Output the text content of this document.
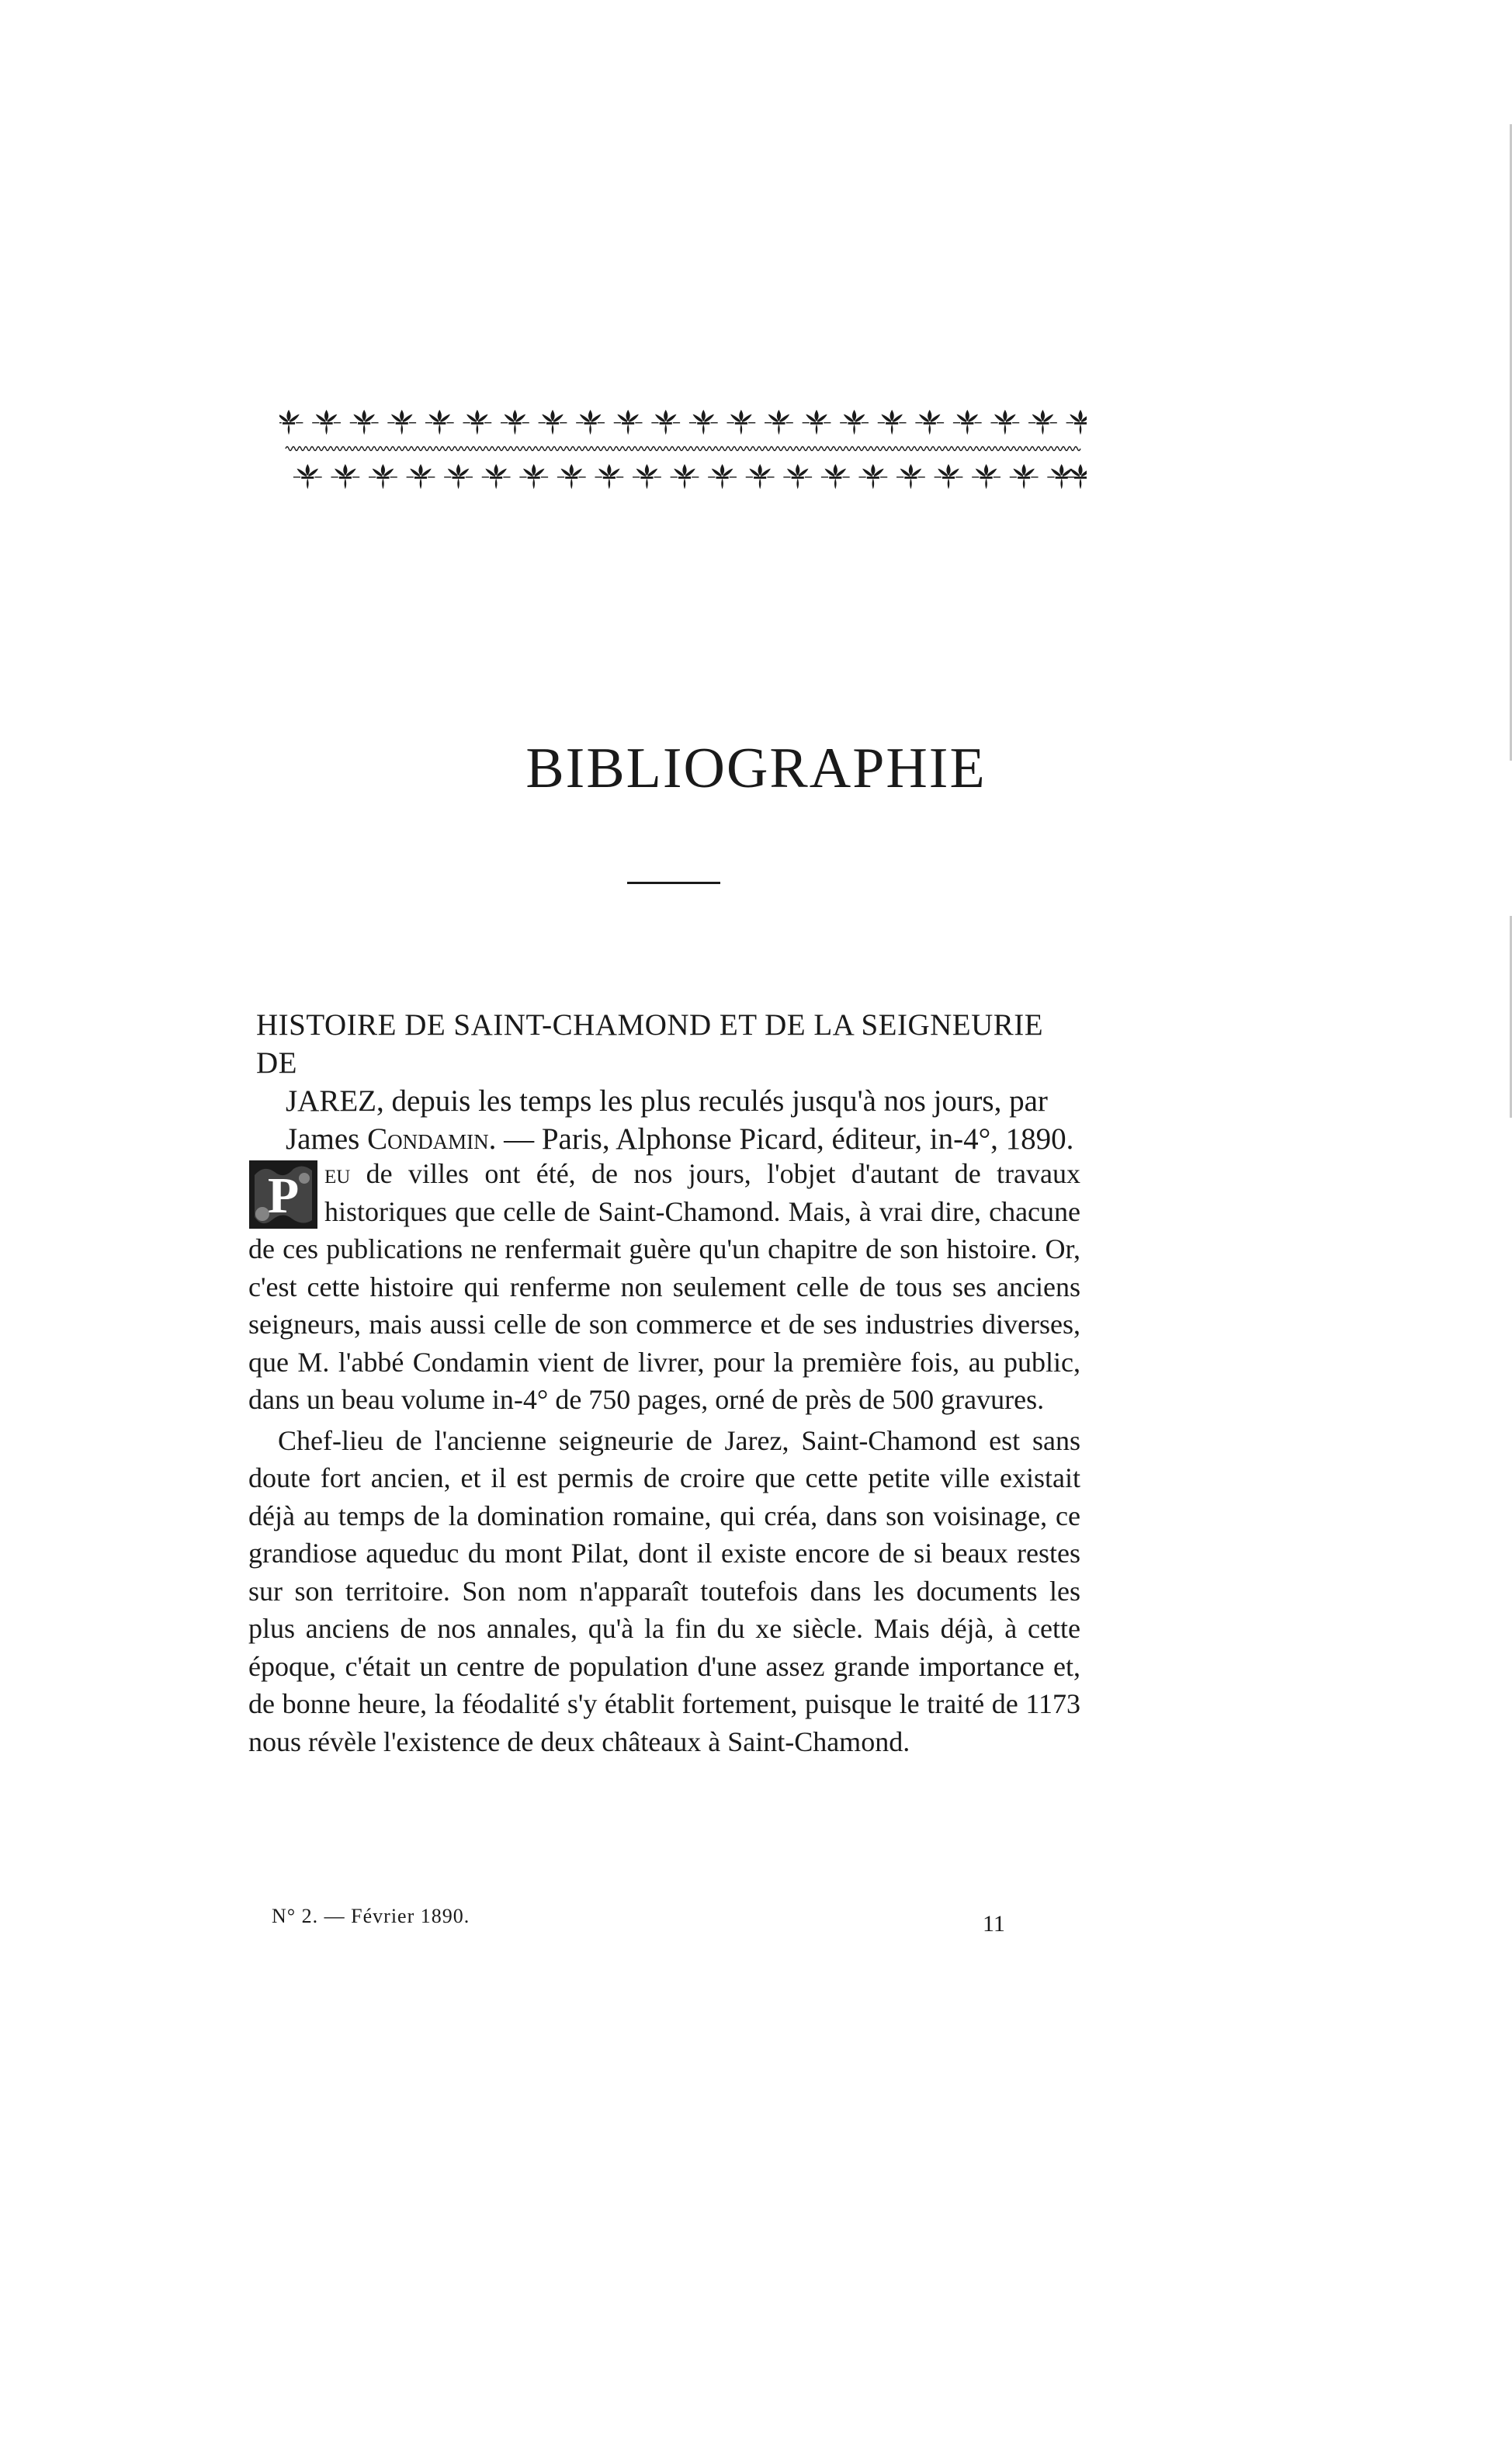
BIBLIOGRAPHIE
HISTOIRE DE SAINT-CHAMOND ET DE LA SEIGNEURIE DE
JAREZ, depuis les temps les plus reculés jusqu'à nos jours, par
James Condamin. — Paris, Alphonse Picard, éditeur, in-4°, 1890.

P eu de villes ont été, de nos jours, l'objet d'autant de travaux historiques que celle de Saint-Chamond. Mais, à vrai dire, chacune de ces publications ne renfermait guère qu'un chapitre de son histoire. Or, c'est cette histoire qui renferme non seulement celle de tous ses anciens seigneurs, mais aussi celle de son commerce et de ses industries diverses, que M. l'abbé Condamin vient de livrer, pour la première fois, au public, dans un beau volume in-4° de 750 pages, orné de près de 500 gravures.

Chef-lieu de l'ancienne seigneurie de Jarez, Saint-Chamond est sans doute fort ancien, et il est permis de croire que cette petite ville existait déjà au temps de la domination romaine, qui créa, dans son voisinage, ce grandiose aqueduc du mont Pilat, dont il existe encore de si beaux restes sur son territoire. Son nom n'apparaît toutefois dans les documents les plus anciens de nos annales, qu'à la fin du xe siècle. Mais déjà, à cette époque, c'était un centre de population d'une assez grande importance et, de bonne heure, la féodalité s'y établit fortement, puisque le traité de 1173 nous révèle l'existence de deux châteaux à Saint-Chamond.

N° 2. — Février 1890.	11
